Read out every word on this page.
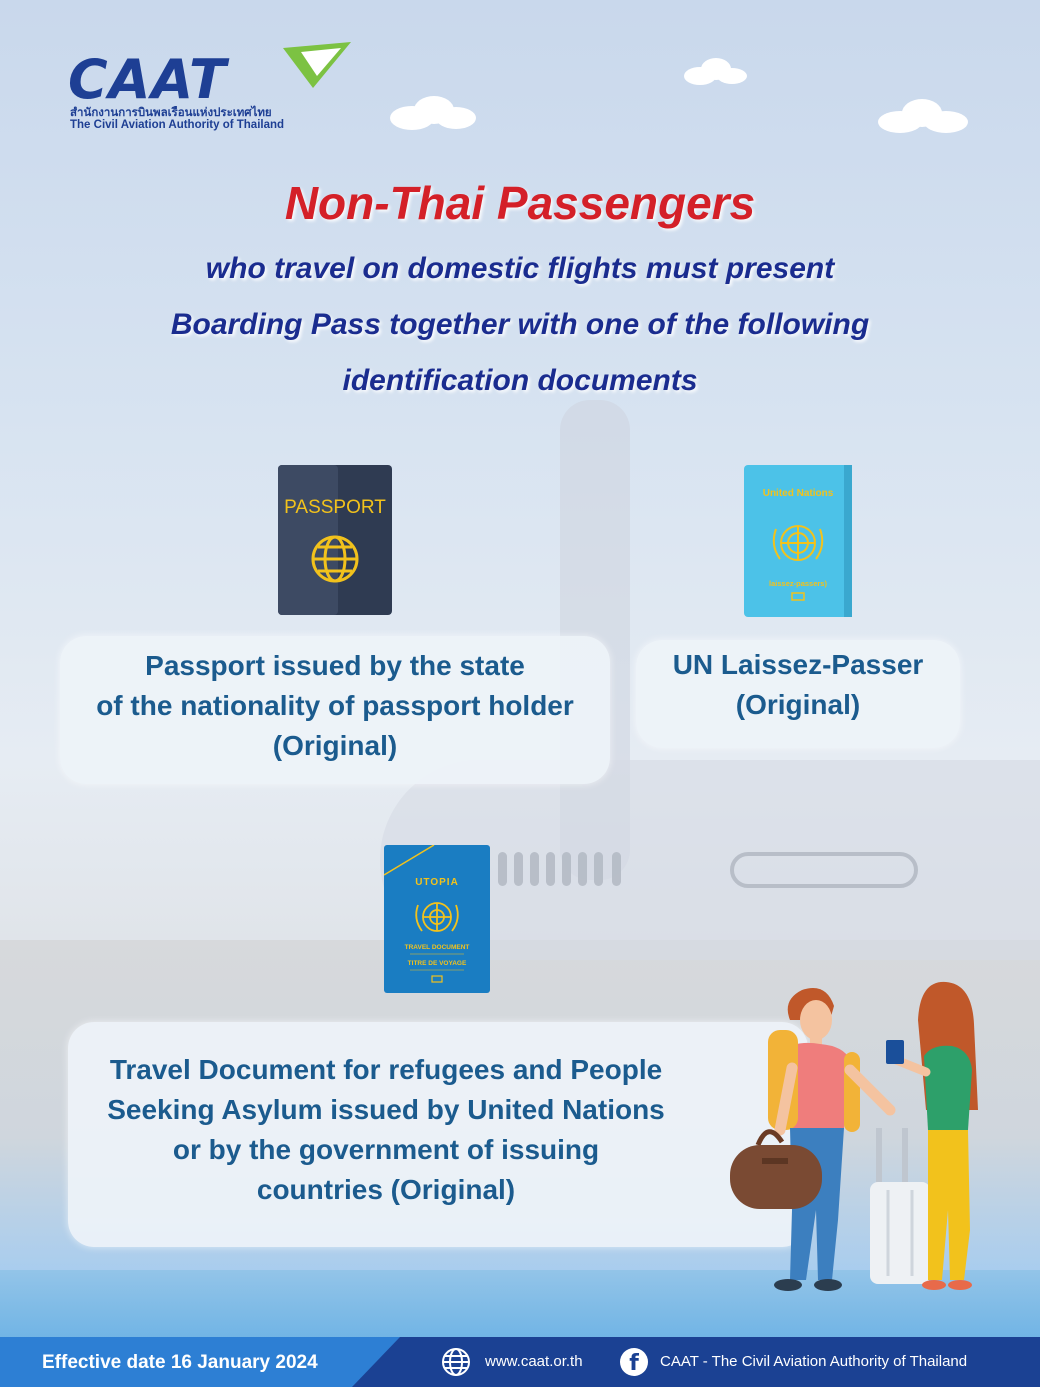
CAAT
สำนักงานการบินพลเรือนแห่งประเทศไทย
The Civil Aviation Authority of Thailand
Non-Thai Passengers
who travel on domestic flights must present
Boarding Pass together with one of the following
identification documents
PASSPORT
United Nations
laissez-passers)
Passport issued by the state
of the nationality of passport holder
(Original)
UN Laissez-Passer
(Original)
UTOPIA
TRAVEL DOCUMENT
TITRE DE VOYAGE
Travel Document for refugees and People
Seeking Asylum issued by United Nations
or by the government of issuing
countries (Original)
Effective date 16 January 2024	www.caat.or.th	f	CAAT - The Civil Aviation Authority of Thailand
